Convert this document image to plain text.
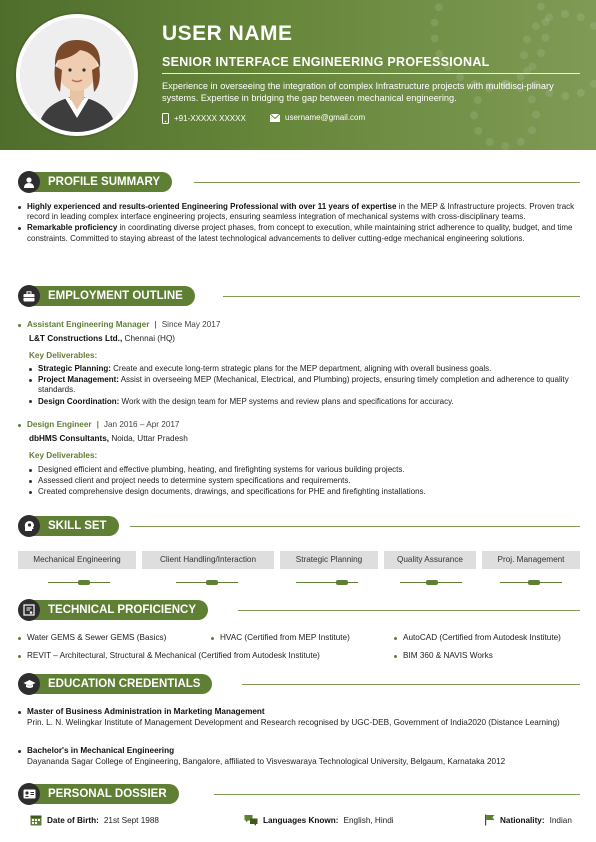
USER NAME
SENIOR INTERFACE ENGINEERING PROFESSIONAL
Experience in overseeing the integration of complex Infrastructure projects with multidisci-plinary systems. Expertise in bridging the gap between mechanical engineering.
+91-XXXXX XXXXX	username@gmail.com
PROFILE SUMMARY
Highly experienced and results-oriented Engineering Professional with over 11 years of expertise in the MEP & Infrastructure projects. Proven track record in leading complex interface engineering projects, ensuring seamless integration of mechanical systems with cross-disciplinary teams.
Remarkable proficiency in coordinating diverse project phases, from concept to execution, while maintaining strict adherence to quality, budget, and time constraints. Committed to staying abreast of the latest technological advancements to deliver cutting-edge mechanical engineering solutions.
EMPLOYMENT OUTLINE
Assistant Engineering Manager | Since May 2017
L&T Constructions Ltd., Chennai (HQ)
Key Deliverables:
Strategic Planning: Create and execute long-term strategic plans for the MEP department, aligning with overall business goals.
Project Management: Assist in overseeing MEP (Mechanical, Electrical, and Plumbing) projects, ensuring timely completion and adherence to quality standards.
Design Coordination: Work with the design team for MEP systems and review plans and specifications for accuracy.
Design Engineer | Jan 2016 – Apr 2017
dbHMS Consultants, Noida, Uttar Pradesh
Key Deliverables:
Designed efficient and effective plumbing, heating, and firefighting systems for various building projects.
Assessed client and project needs to determine system specifications and requirements.
Created comprehensive design documents, drawings, and specifications for PHE and firefighting installations.
SKILL SET
Mechanical Engineering	Client Handling/Interaction	Strategic Planning	Quality Assurance	Proj. Management
TECHNICAL PROFICIENCY
Water GEMS & Sewer GEMS (Basics)	HVAC (Certified from MEP Institute)	AutoCAD (Certified from Autodesk Institute)
REVIT – Architectural, Structural & Mechanical (Certified from Autodesk Institute)	BIM 360 & NAVIS Works
EDUCATION CREDENTIALS
Master of Business Administration in Marketing Management
Prin. L. N. Welingkar Institute of Management Development and Research recognised by UGC-DEB, Government of India2020 (Distance Learning)
Bachelor's in Mechanical Engineering
Dayananda Sagar College of Engineering, Bangalore, affiliated to Visveswaraya Technological University, Belgaum, Karnataka 2012
PERSONAL DOSSIER
Date of Birth: 21st Sept 1988	Languages Known: English, Hindi	Nationality: Indian
